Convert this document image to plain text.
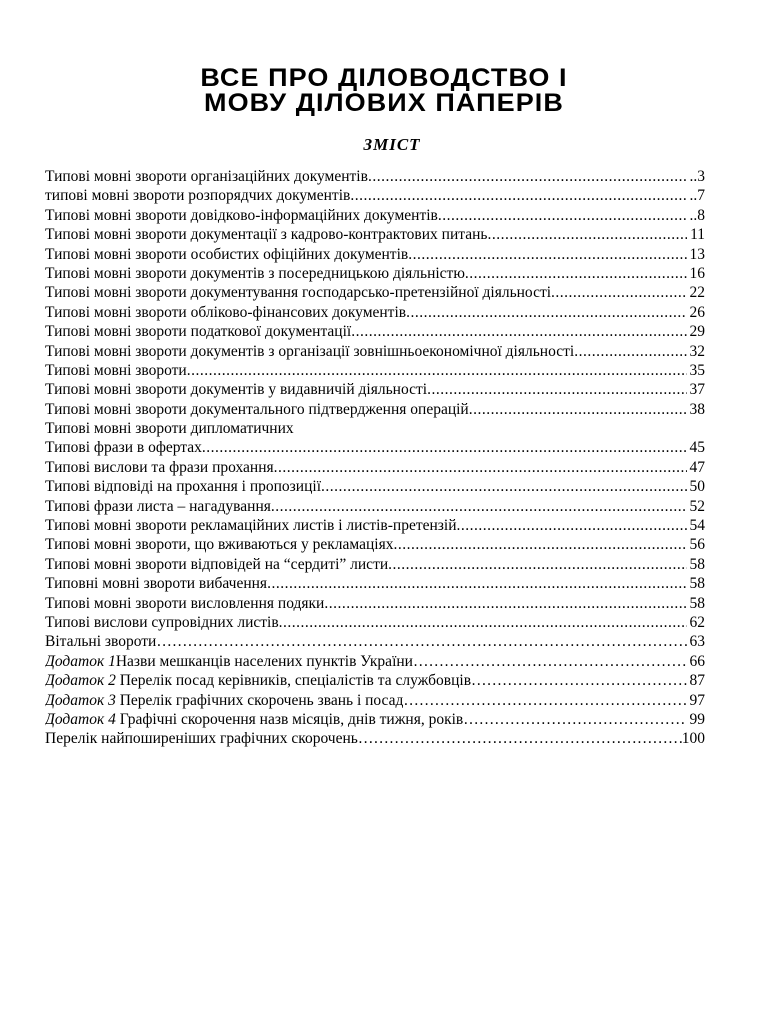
ВСЕ ПРО ДІЛОВОДСТВО І
МОВУ ДІЛОВИХ ПАПЕРІВ
ЗМІСТ
Типові мовні звороти організаційних документів .....	..3
типові мовні звороти розпорядчих документів .....	..7
Типові мовні звороти довідково-інформаційних документів .....	..8
Типові мовні звороти документації з кадрово-контрактових питань .....	11
Типові мовні звороти особистих офіційних документів .....	13
Типові мовні звороти документів з посередницькою діяльністю .....	16
Типові мовні звороти документування господарсько-претензійної діяльності .....	22
Типові мовні звороти обліково-фінансових документів .....	26
Типові мовні звороти податкової документації .....	29
Типові мовні звороти документів з організації зовнішньоекономічної діяльності .....	32
Типові мовні звороти .....	35
Типові мовні звороти документів у видавничій діяльності .....	37
Типові мовні звороти документального підтвердження операцій .....	38
Типові мовні звороти дипломатичних
Типові фрази в офертах .....	45
Типові вислови та фрази прохання .....	47
Типові відповіді на прохання і пропозиції .....	50
Типові фрази листа – нагадування .....	52
Типові мовні звороти рекламаційних листів і листів-претензій .....	54
Типові мовні звороти, що вживаються у рекламаціях .....	56
Типові мовні звороти відповідей на “сердиті” листи .....	58
Типовні мовні звороти вибачення .....	58
Типові мовні звороти висловлення подяки .....	58
Типові вислови супровідних листів .....	62
Вітальні звороти …………………………………………………………………………………………………………………………………………………………………………	63
Додаток 1Назви мешканців населених пунктів України …………………………………………………………………………………………………………………………………………………………………………	66
Додаток 2 Перелік посад керівників, спеціалістів та службовців …………………………………………………………………………………………………………………………………………………………………………	87
Додаток 3 Перелік графічних скорочень звань і посад …………………………………………………………………………………………………………………………………………………………………………	97
Додаток 4 Графічні скорочення назв місяців, днів тижня, років …………………………………………………………………………………………………………………………………………………………………………	99
Перелік найпоширеніших графічних скорочень …………………………………………………………………………………………………………………………………………………………………………	100
